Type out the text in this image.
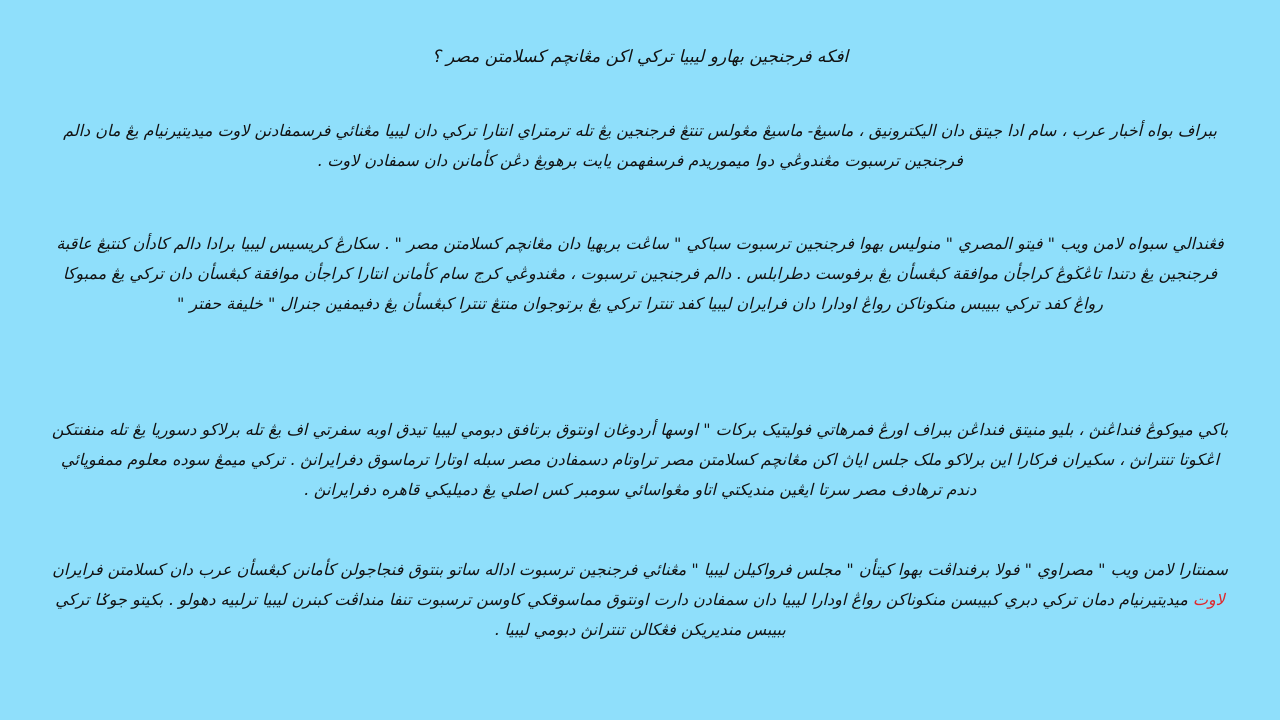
افكه فرجنجين بهارو ليبيا ترکي اکن مڠانچم کسلامتن مصر ؟
ببراف بواه أخبار عرب ، سام ادا جيتق دان اليکترونيق ، ماسيڠ- ماسيڠ مڠولس تنتڠ فرجنجين يڠ تله ترمتراي انتارا ترکي دان ليبيا مڠنائي فرسمفادنن لاوت ميديتيرنيام يڠ مان دالم فرجنجين ترسبوت مڠندوڠي دوا ميموريدم فرسفهمن يايت برهوبڠ دڠن کأمانن دان سمفادن لاوت .
فڠندالي سبواه لامن ويب " فيتو المصري " منوليس بهوا فرجنجين ترسبوت سباکي " ساڠت بربهيا دان مڠانچم کسلامتن مصر " . سکارڠ کريسيس ليبيا برادا دالم کادأن کنتيڠ عاقبة فرجنجين يڠ دتندا تاڠڬوڠ کراجأن موافقة کبڠسأن يڠ برفوست دطرابلس . دالم فرجنجين ترسبوت ، مڠندوڠي کرج سام کأمانن انتارا کراجأن موافقة کبڠسأن دان ترکي يڠ ممبوکا رواڠ کفد ترکي ببيبس منکوناکن رواڠ اودارا دان فرايران ليبيا کفد تنترا ترکي يڠ برتوجوان منتڠ تنترا کبڠسأن يڠ دفيمفين جنرال " خليفة حفتر "
باکي ميوکوڠ فنداڠنڽ ، بليو منيتق فنداڠن ببراف اورڠ فمرهاتي فوليتيک برکات " اوسها أردوغان اونتوق برتافق دبومي ليبيا تيدق اوبه سفرتي اف يڠ تله برلاکو دسوريا يڠ تله منفنتکن اڠکوتا تنترانڽ ، سکيران فرکارا اين برلاکو ملک جلس اياڽ اکن مڠانچم کسلامتن مصر تراوتام دسمفادن مصر سبله اوتارا ترماسوق دفرايرانڽ . ترکي ميمڠ سوده معلوم ممفوڽائي دندم ترهادف مصر سرتا ايڠين منديکتي اتاو مڠواسائي سومبر کس اصلي يڠ دميليکي قاهره دفرايرانڽ .
سمنتارا لامن ويب " مصراوي " فولا برفنداڤت بهوا کيتأن " مجلس فرواکيلن ليبيا " مڠنائي فرجنجين ترسبوت اداله ساتو بنتوق فنجاجولن کأمانن کبڠسأن عرب دان کسلامتن فرايران لاوت ميديتيرنيام دمان ترکي دبري کبيبسن منکوناکن رواڠ اودارا ليبيا دان سمفادن دارت اونتوق مماسوقکي کاوسن ترسبوت تنفا منداڤت کبنرن ليبيا ترلبيه دهولو . بکيتو جوݢا ترکي ببيبس منديريکن فڠکالن تنترانڽ دبومي ليبيا .
